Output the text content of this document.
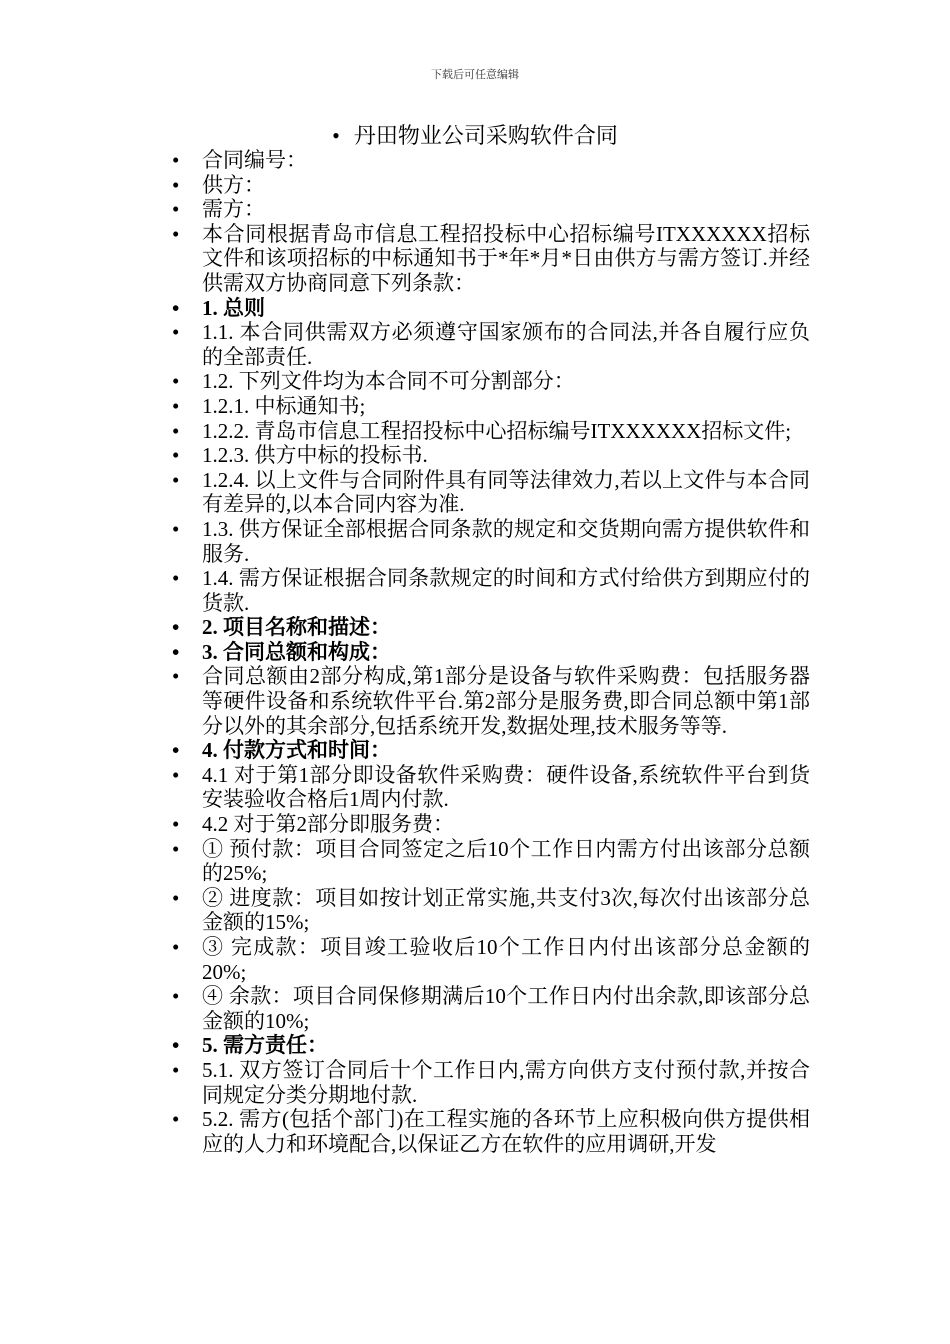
下载后可任意编辑
• 丹田物业公司采购软件合同
• 合同编号：
• 供方：
• 需方：
• 本合同根据青岛市信息工程招投标中心招标编号ITXXXXXX招标文件和该项招标的中标通知书于*年*月*日由供方与需方签订.并经供需双方协商同意下列条款：
• 1. 总则
• 1.1. 本合同供需双方必须遵守国家颁布的合同法,并各自履行应负的全部责任.
• 1.2. 下列文件均为本合同不可分割部分：
• 1.2.1. 中标通知书;
• 1.2.2. 青岛市信息工程招投标中心招标编号ITXXXXXX招标文件;
• 1.2.3. 供方中标的投标书.
• 1.2.4. 以上文件与合同附件具有同等法律效力,若以上文件与本合同有差异的,以本合同内容为准.
• 1.3. 供方保证全部根据合同条款的规定和交货期向需方提供软件和服务.
• 1.4. 需方保证根据合同条款规定的时间和方式付给供方到期应付的货款.
• 2. 项目名称和描述：
• 3. 合同总额和构成：
• 合同总额由2部分构成,第1部分是设备与软件采购费：包括服务器等硬件设备和系统软件平台.第2部分是服务费,即合同总额中第1部分以外的其余部分,包括系统开发,数据处理,技术服务等等.
• 4. 付款方式和时间：
• 4.1 对于第1部分即设备软件采购费：硬件设备,系统软件平台到货安装验收合格后1周内付款.
• 4.2 对于第2部分即服务费：
• ① 预付款：项目合同签定之后10个工作日内需方付出该部分总额的25%;
• ② 进度款：项目如按计划正常实施,共支付3次,每次付出该部分总金额的15%;
• ③ 完成款：项目竣工验收后10个工作日内付出该部分总金额的20%;
• ④ 余款：项目合同保修期满后10个工作日内付出余款,即该部分总金额的10%;
• 5. 需方责任：
• 5.1. 双方签订合同后十个工作日内,需方向供方支付预付款,并按合同规定分类分期地付款.
• 5.2. 需方(包括个部门)在工程实施的各环节上应积极向供方提供相应的人力和环境配合,以保证乙方在软件的应用调研,开发
